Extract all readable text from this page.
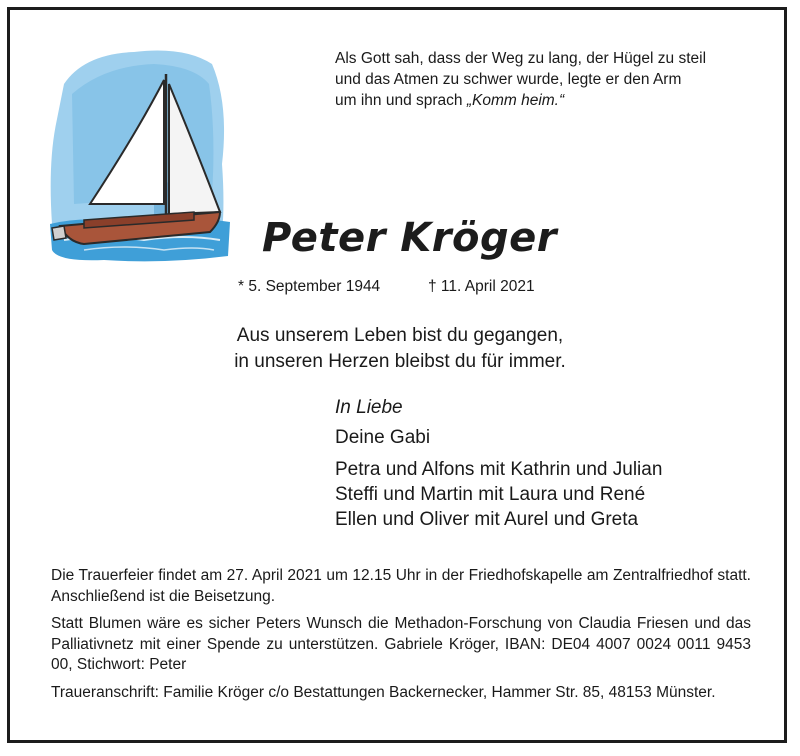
Als Gott sah, dass der Weg zu lang, der Hügel zu steil

und das Atmen zu schwer wurde, legte er den Arm

um ihn und sprach „Komm heim.“

Peter Kröger
* 5. September 1944	† 11. April 2021

Aus unserem Leben bist du gegangen,

in unseren Herzen bleibst du für immer.

In Liebe

Deine Gabi

Petra und Alfons mit Kathrin und Julian

Steffi und Martin mit Laura und René

Ellen und Oliver mit Aurel und Greta

Die Trauerfeier findet am 27. April 2021 um 12.15 Uhr in der Friedhofskapelle am Zentralfriedhof statt. Anschließend ist die Beisetzung.

Statt Blumen wäre es sicher Peters Wunsch die Methadon-Forschung von Claudia Friesen und das Palliativnetz mit einer Spende zu unterstützen. Gabriele Kröger, IBAN: DE04 4007 0024 0011 9453 00, Stichwort: Peter

Traueranschrift: Familie Kröger c/o Bestattungen Backernecker, Hammer Str. 85, 48153 Münster.
